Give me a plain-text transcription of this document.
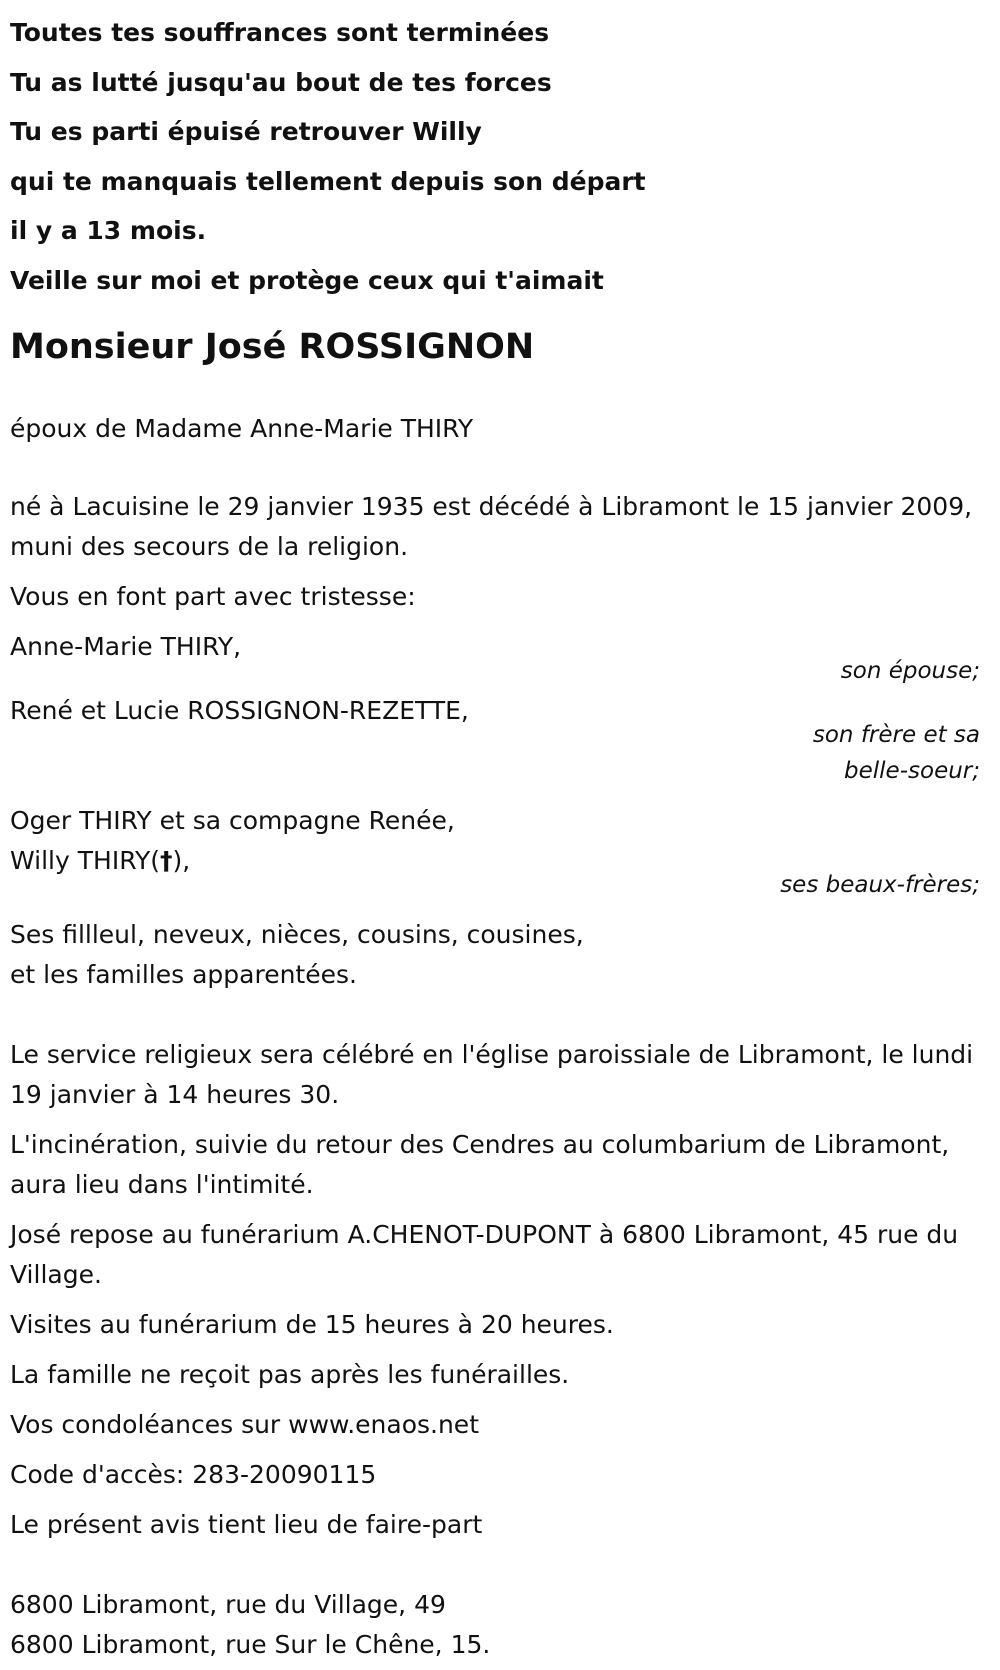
Toutes tes souffrances sont terminées

Tu as lutté jusqu'au bout de tes forces

Tu es parti épuisé retrouver Willy

qui te manquais tellement depuis son départ

il y a 13 mois.

Veille sur moi et protège ceux qui t'aimait

Monsieur José ROSSIGNON

époux de Madame Anne-Marie THIRY

né à Lacuisine le 29 janvier 1935 est décédé à Libramont le 15 janvier 2009, muni des secours de la religion.

Vous en font part avec tristesse:

Anne-Marie THIRY,

son épouse;

René et Lucie ROSSIGNON-REZETTE,

son frère et sa

belle-soeur;

Oger THIRY et sa compagne Renée,

Willy THIRY(†),

ses beaux-frères;

Ses fillleul, neveux, nièces, cousins, cousines,

et les familles apparentées.

Le service religieux sera célébré en l'église paroissiale de Libramont, le lundi 19 janvier à 14 heures 30.

L'incinération, suivie du retour des Cendres au columbarium de Libramont, aura lieu dans l'intimité.

José repose au funérarium A.CHENOT-DUPONT à 6800 Libramont, 45 rue du Village.

Visites au funérarium de 15 heures à 20 heures.

La famille ne reçoit pas après les funérailles.

Vos condoléances sur www.enaos.net

Code d'accès: 283-20090115

Le présent avis tient lieu de faire-part

6800 Libramont, rue du Village, 49

6800 Libramont, rue Sur le Chêne, 15.
